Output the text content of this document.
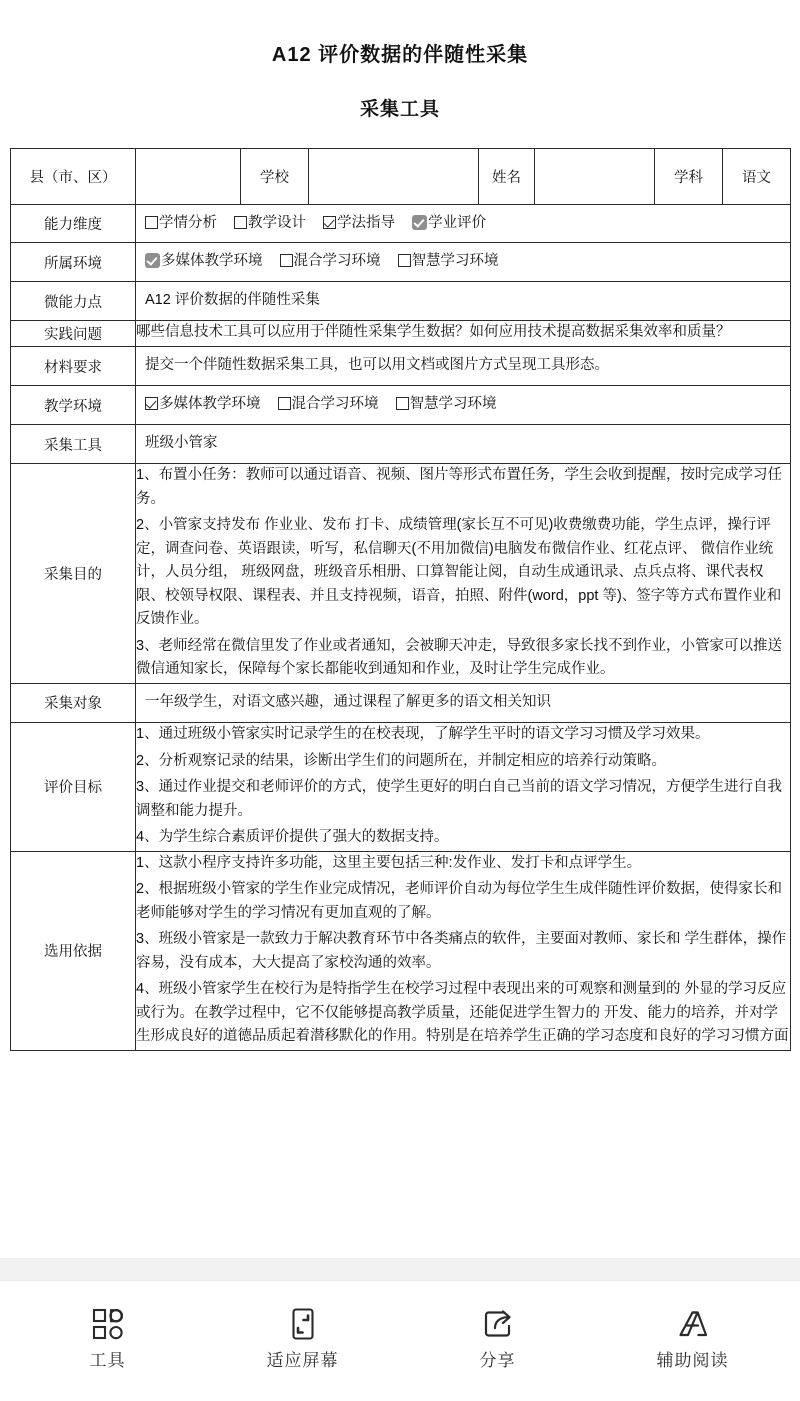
A12 评价数据的伴随性采集
采集工具
县（市、区）		学校		姓名		学科	语文
能力维度	学情分析 教学设计 学法指导 学业评价						
所属环境	多媒体教学环境 混合学习环境 智慧学习环境						
微能力点	A12 评价数据的伴随性采集						

实践问题	哪些信息技术工具可以应用于伴随性采集学生数据？如何应用技术提高数据采集效率和质量？						

材料要求	提交一个伴随性数据采集工具，也可以用文档或图片方式呈现工具形态。						

教学环境	多媒体教学环境 混合学习环境 智慧学习环境						
采集工具	班级小管家						

采集目的	1、布置小任务：教师可以通过语音、视频、图片等形式布置任务，学生会收到提醒，按时完成学习任务。

2、小管家支持发布 作业业、发布 打卡、成绩管理(家长互不可见)收费缴费功能，学生点评，操行评定，调查问卷、英语跟读，听写，私信聊天(不用加微信)电脑发布微信作业、红花点评、 微信作业统计，人员分组， 班级网盘，班级音乐相册、口算智能让阅，自动生成通讯录、点兵点将、课代表权限、校领导权限、课程表、并且支持视频，语音，拍照、附件(word，ppt 等)、签字等方式布置作业和反馈作业。

3、老师经常在微信里发了作业或者通知，会被聊天冲走，导致很多家长找不到作业，小管家可以推送微信通知家长，保障每个家长都能收到通知和作业，及时让学生完成作业。						

采集对象	一年级学生，对语文感兴趣，通过课程了解更多的语文相关知识						

评价目标	1、通过班级小管家实时记录学生的在校表现，了解学生平时的语文学习习惯及学习效果。

2、分析观察记录的结果，诊断出学生们的问题所在，并制定相应的培养行动策略。

3、通过作业提交和老师评价的方式，使学生更好的明白自己当前的语文学习情况，方便学生进行自我调整和能力提升。

4、为学生综合素质评价提供了强大的数据支持。						

选用依据	1、这款小程序支持许多功能，这里主要包括三种:发作业、发打卡和点评学生。

2、根据班级小管家的学生作业完成情况，老师评价自动为每位学生生成伴随性评价数据，使得家长和老师能够对学生的学习情况有更加直观的了解。

3、班级小管家是一款致力于解决教育环节中各类痛点的软件，主要面对教师、家长和 学生群体，操作容易，没有成本，大大提高了家校沟通的效率。

4、班级小管家学生在校行为是特指学生在校学习过程中表现出来的可观察和测量到的 外显的学习反应或行为。在教学过程中，它不仅能够提高教学质量，还能促进学生智力的 开发、能力的培养，并对学生形成良好的道德品质起着潜移默化的作用。特别是在培养学生正确的学习态度和良好的学习习惯方面						

工具	适应屏幕	分享	辅助阅读
